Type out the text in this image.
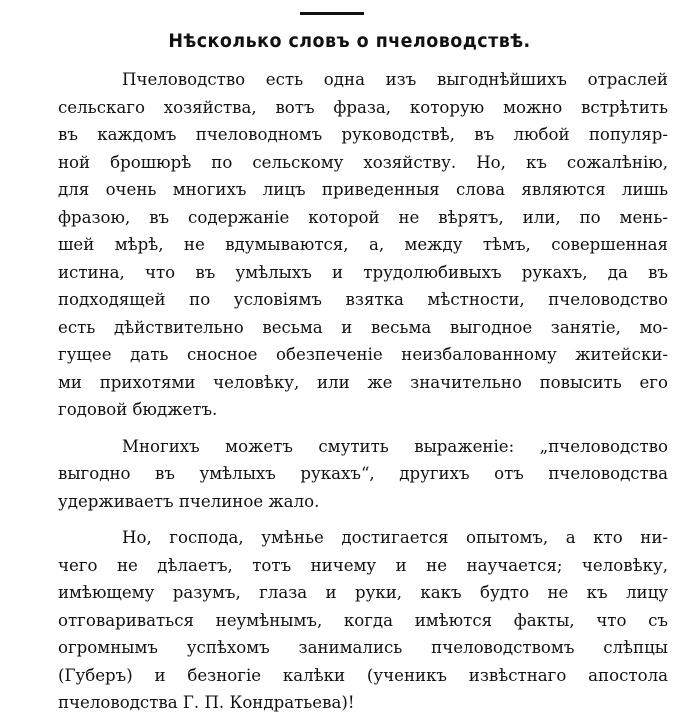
Нѣсколько словъ о пчеловодствѣ.
Пчеловодство есть одна изъ выгоднѣйшихъ отраслей
сельскаго хозяйства, вотъ фраза, которую можно встрѣтить
въ каждомъ пчеловодномъ руководствѣ, въ любой популяр-
ной брошюрѣ по сельскому хозяйству. Но, къ сожалѣнію,
для очень многихъ лицъ приведенныя слова являются лишь
фразою, въ содержаніе которой не вѣрятъ, или, по мень-
шей мѣрѣ, не вдумываются, а, между тѣмъ, совершенная
истина, что въ умѣлыхъ и трудолюбивыхъ рукахъ, да въ
подходящей по условіямъ взятка мѣстности, пчеловодство
есть дѣйствительно весьма и весьма выгодное занятіе, мо-
гущее дать сносное обезпеченіе неизбалованному житейски-
ми прихотями человѣку, или же значительно повысить его
годовой бюджетъ.
Многихъ можетъ смутить выраженіе: „пчеловодство
выгодно въ умѣлыхъ рукахъ“, другихъ отъ пчеловодства
удерживаетъ пчелиное жало.
Но, господа, умѣнье достигается опытомъ, а кто ни-
чего не дѣлаетъ, тотъ ничему и не научается; человѣку,
имѣющему разумъ, глаза и руки, какъ будто не къ лицу
отговариваться неумѣнымъ, когда имѣются факты, что съ
огромнымъ успѣхомъ занимались пчеловодствомъ слѣпцы
(Губеръ) и безногіе калѣки (ученикъ извѣстнаго апостола
пчеловодства Г. П. Кондратьева)!
